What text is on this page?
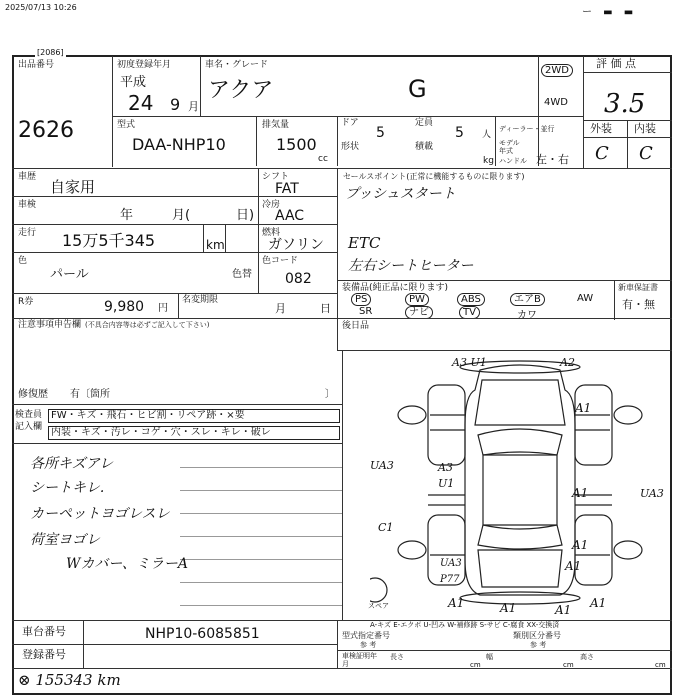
2025/07/13 10:26	ー ▬ ▬
[2086]
出品番号
2626
初度登録年月
平成
24 9 月
車名・グレード
アクア	G
2WD
4WD
評 価 点
3.5
外装 内装
C C
型式
DAA-NHP10
排気量
1500
cc
ドア
5
定員
5 人
形状	積載
kg
ディーラー・並行
モデル年式
ハンドル 左・右
車歴
自家用
シフト
FAT
車検
年	月(	日)
冷房
AAC
走行 15万5千345	km
燃料
ガソリン
色
パール	色替
色コード
082
R券	9,980 円
名変期限
月	日
注意事項申告欄 (不具合内容等は必ずご記入して下さい)
修復歴 有〔箇所	〕
セールスポイント(正常に機能するものに限ります)
プッシュスタート
ETC
左右シートヒーター
装備品(純正品に限ります)	新車保証書
有・無
PS	PW	ABS	エアB	AW
SR	ナビ	TV	カワ
後日品
検査員
記入欄
FW・キズ・飛石・ヒビ割・リペア跡・×要
内装・キズ・汚レ・コゲ・穴・スレ・キレ・破レ
各所キズアレ
シートキレ.
カーペットヨゴレスレ
荷室ヨゴレ
Wカバー、ミラーA
スペア
A3 U1	A2
A1
UA3	A3 U1
A1	UA3
C1
A1
UA3 P77
A1
A1	A1	A1 A1
A-キズ E-エクボ U-凹み W-補修跡 S-サビ C-腐食 XX-交換済
車台番号	NHP10-6085851
登録番号
型式指定番号	類別区分番号
参 考	参 考
車検証明年月
長さ	幅	高さ
cm	cm	cm
⊗ 155343 km
